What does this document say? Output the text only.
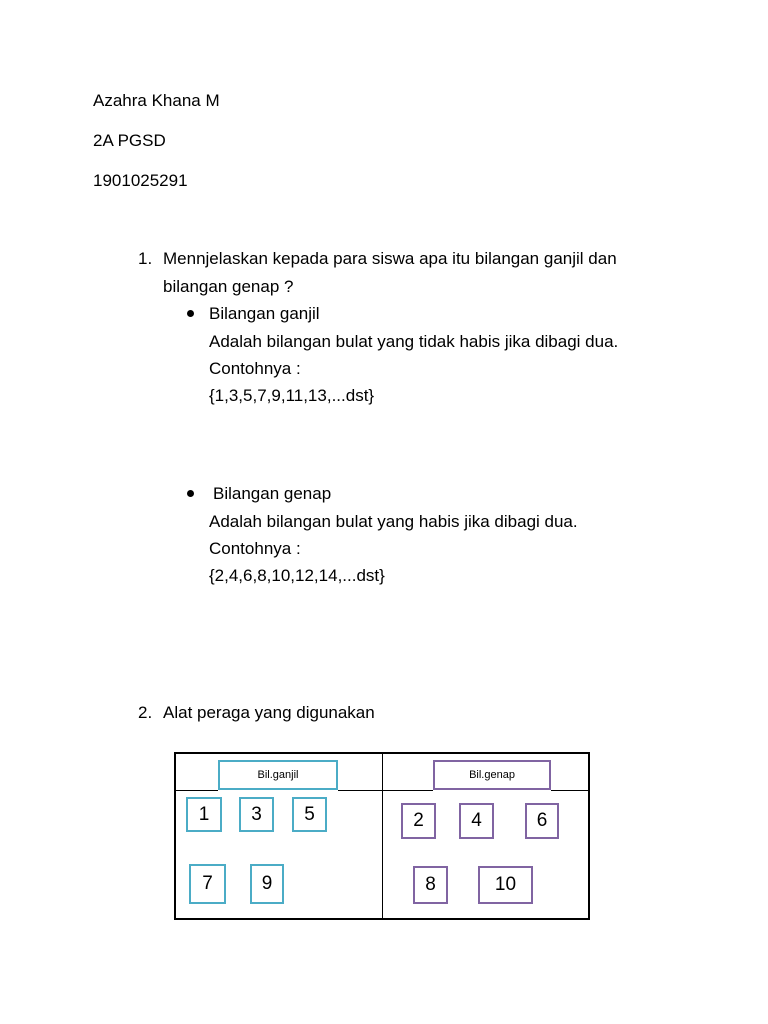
Azahra Khana M
2A PGSD
1901025291
1. Mennjelaskan kepada para siswa apa itu bilangan ganjil dan
bilangan genap ?
Bilangan ganjil
Adalah bilangan bulat yang tidak habis jika dibagi dua.
Contohnya :
{1,3,5,7,9,11,13,...dst}
Bilangan genap
Adalah bilangan bulat yang habis jika dibagi dua.
Contohnya :
{2,4,6,8,10,12,14,...dst}
2. Alat peraga yang digunakan
Bil.ganjil	Bil.genap
1	3	5
7	9
2	4	6
8	10
